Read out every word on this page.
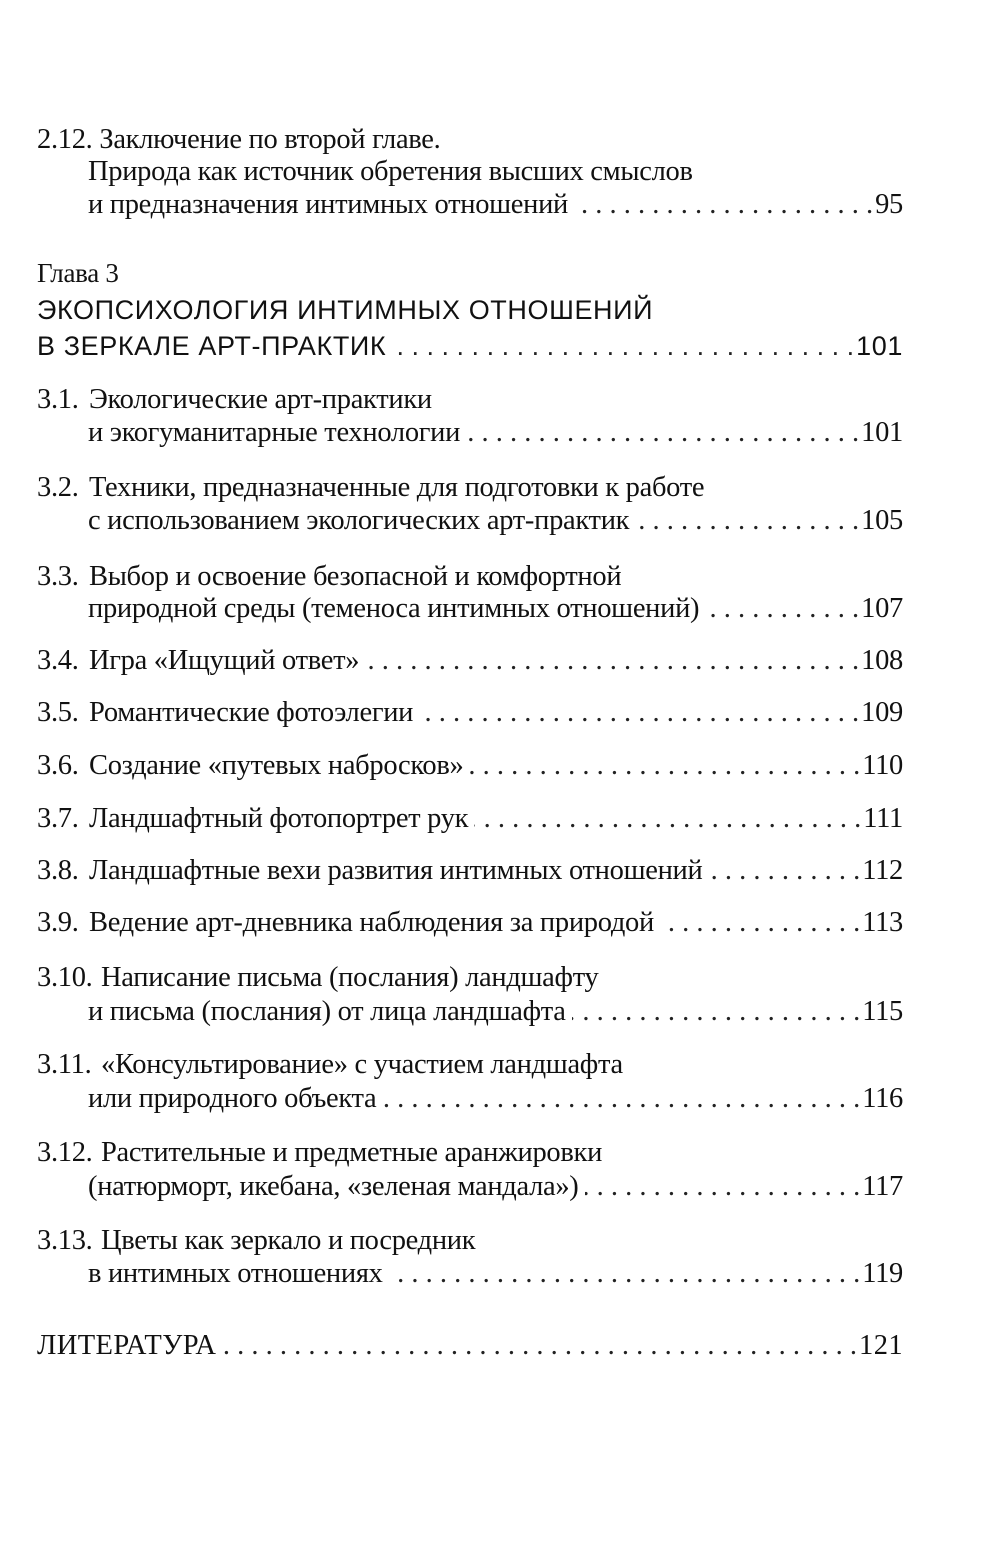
2.12. Заключение по второй главе.
Природа как источник обретения высших смыслов
и предназначения интимных отношений . . .	95
Глава 3
ЭКОПСИХОЛОГИЯ ИНТИМНЫХ ОТНОШЕНИЙ
В ЗЕРКАЛЕ АРТ-ПРАКТИК . . .	101
3.1. Экологические арт-практики
и экогуманитарные технологии . . .	101
3.2. Техники, предназначенные для подготовки к работе
с использованием экологических арт-практик . . .	105
3.3. Выбор и освоение безопасной и комфортной
природной среды (теменоса интимных отношений) . . .	107
3.4. Игра «Ищущий ответ» . . .	108
3.5. Романтические фотоэлегии . . .	109
3.6. Создание «путевых набросков» . . .	110
3.7. Ландшафтный фотопортрет рук . . .	111
3.8. Ландшафтные вехи развития интимных отношений . . .	112
3.9. Ведение арт-дневника наблюдения за природой . . .	113
3.10. Написание письма (послания) ландшафту
и письма (послания) от лица ландшафта . . .	115
3.11. «Консультирование» с участием ландшафта
или природного объекта . . .	116
3.12. Растительные и предметные аранжировки
(натюрморт, икебана, «зеленая мандала») . . .	117
3.13. Цветы как зеркало и посредник
в интимных отношениях . . .	119
ЛИТЕРАТУРА . . .	121
